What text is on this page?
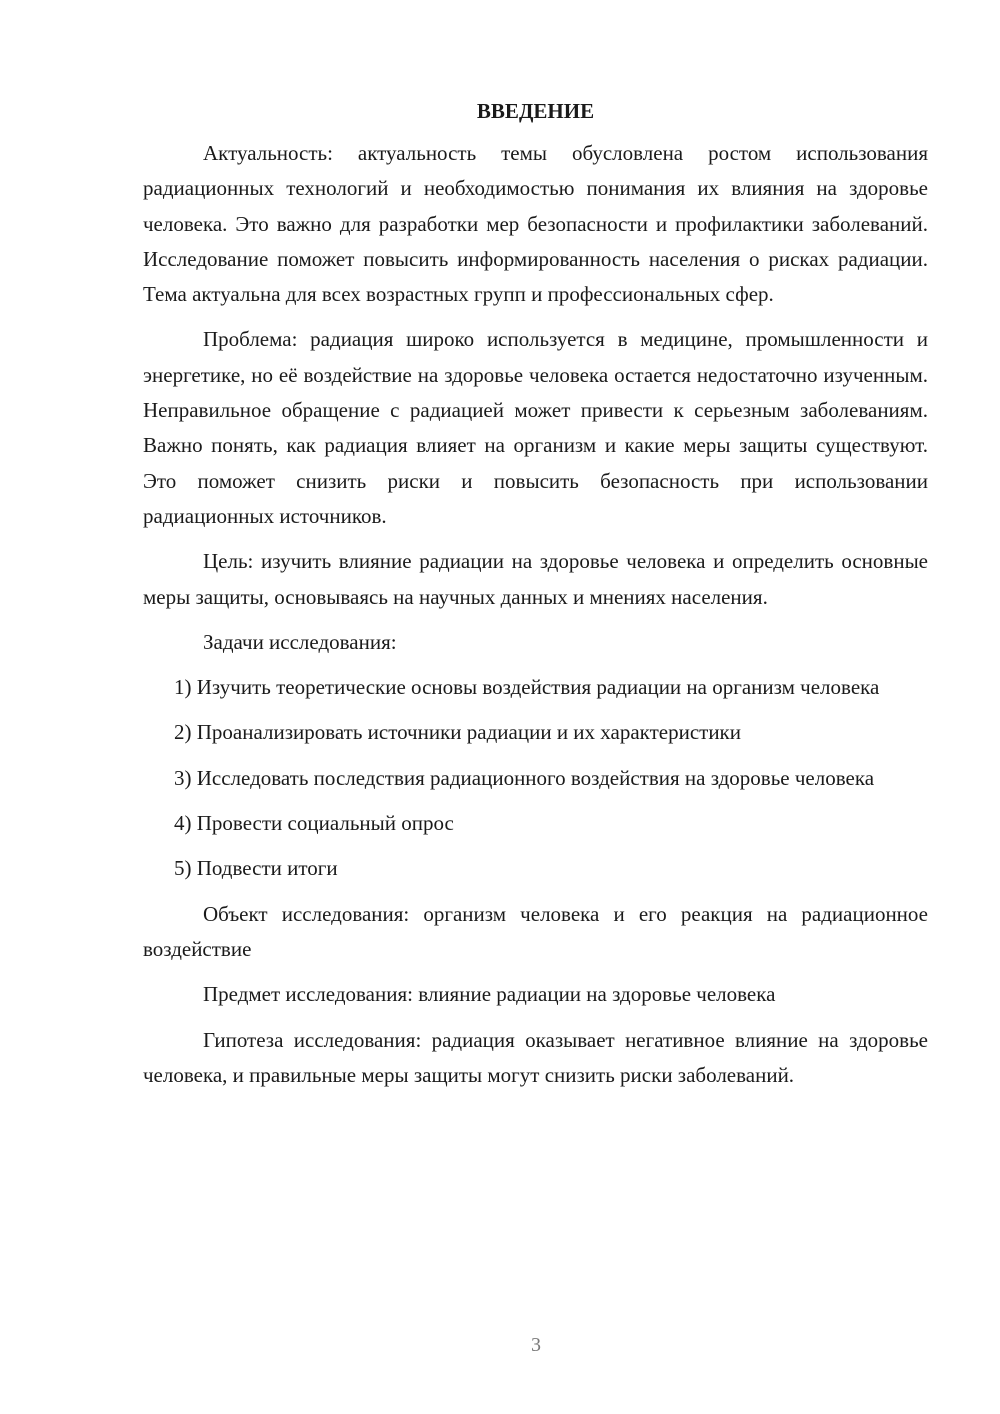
ВВЕДЕНИЕ
Актуальность: актуальность темы обусловлена ростом использования радиационных технологий и необходимостью понимания их влияния на здоровье человека. Это важно для разработки мер безопасности и профилактики заболеваний. Исследование поможет повысить информированность населения о рисках радиации. Тема актуальна для всех возрастных групп и профессиональных сфер.
Проблема: радиация широко используется в медицине, промышленности и энергетике, но её воздействие на здоровье человека остается недостаточно изученным. Неправильное обращение с радиацией может привести к серьезным заболеваниям. Важно понять, как радиация влияет на организм и какие меры защиты существуют. Это поможет снизить риски и повысить безопасность при использовании радиационных источников.
Цель: изучить влияние радиации на здоровье человека и определить основные меры защиты, основываясь на научных данных и мнениях населения.
Задачи исследования:
1) Изучить теоретические основы воздействия радиации на организм человека
2) Проанализировать источники радиации и их характеристики
3) Исследовать последствия радиационного воздействия на здоровье человека
4) Провести социальный опрос
5) Подвести итоги
Объект исследования: организм человека и его реакция на радиационное воздействие
Предмет исследования: влияние радиации на здоровье человека
Гипотеза исследования: радиация оказывает негативное влияние на здоровье человека, и правильные меры защиты могут снизить риски заболеваний.
3
